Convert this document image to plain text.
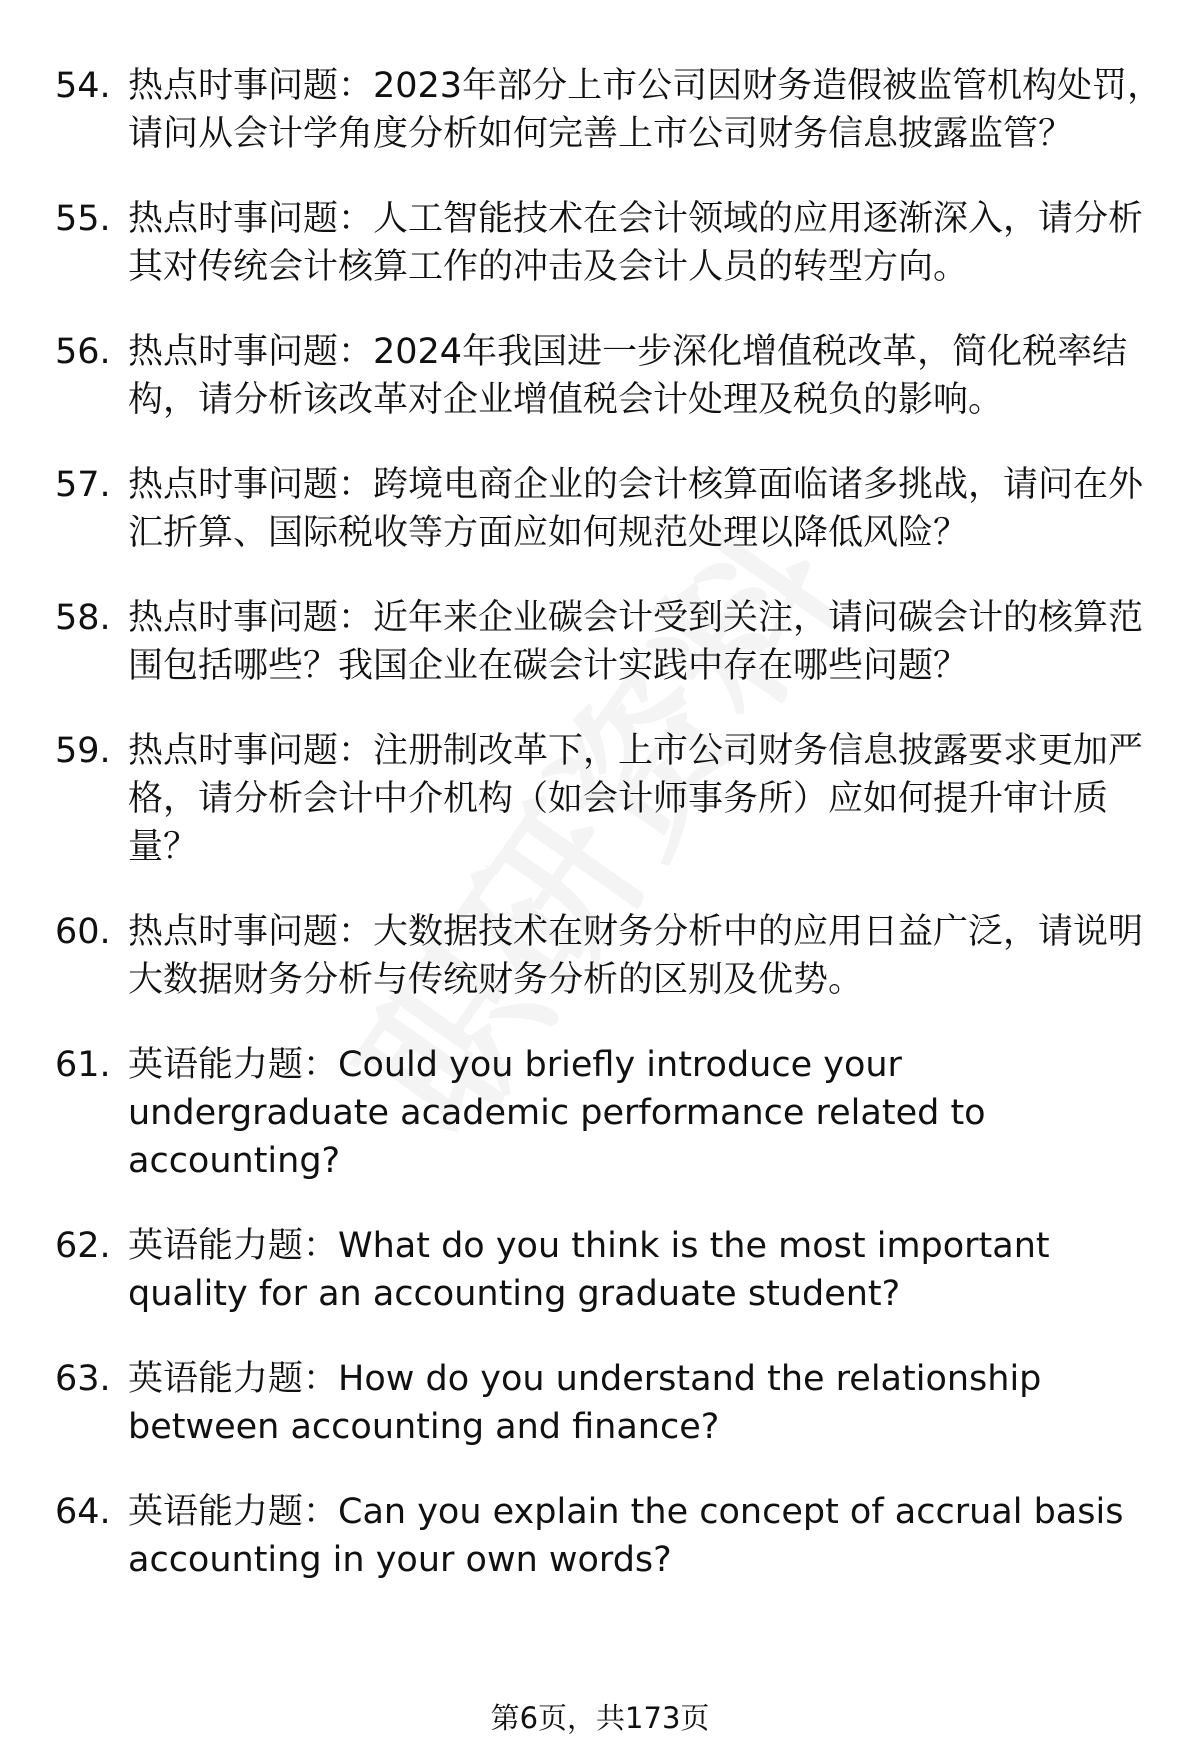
54. 热点时事问题：2023年部分上市公司因财务造假被监管机构处罚，请问从会计学角度分析如何完善上市公司财务信息披露监管？
55. 热点时事问题：人工智能技术在会计领域的应用逐渐深入，请分析其对传统会计核算工作的冲击及会计人员的转型方向。
56. 热点时事问题：2024年我国进一步深化增值税改革，简化税率结构，请分析该改革对企业增值税会计处理及税负的影响。
57. 热点时事问题：跨境电商企业的会计核算面临诸多挑战，请问在外汇折算、国际税收等方面应如何规范处理以降低风险？
58. 热点时事问题：近年来企业碳会计受到关注，请问碳会计的核算范围包括哪些？我国企业在碳会计实践中存在哪些问题？
59. 热点时事问题：注册制改革下，上市公司财务信息披露要求更加严格，请分析会计中介机构（如会计师事务所）应如何提升审计质量？
60. 热点时事问题：大数据技术在财务分析中的应用日益广泛，请说明大数据财务分析与传统财务分析的区别及优势。
61. 英语能力题：Could you briefly introduce your undergraduate academic performance related to accounting?
62. 英语能力题：What do you think is the most important quality for an accounting graduate student?
63. 英语能力题：How do you understand the relationship between accounting and finance?
64. 英语能力题：Can you explain the concept of accrual basis accounting in your own words?
第6页，共173页
